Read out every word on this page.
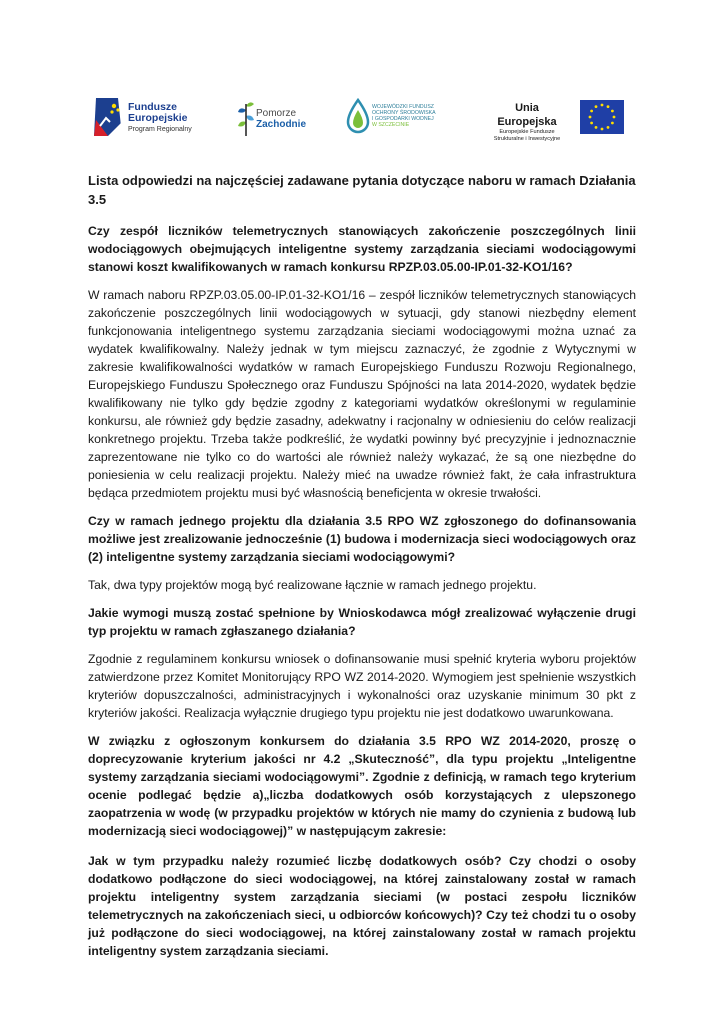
Fundusze
Europejskie
Program Regionalny
Pomorze
Zachodnie
WOJEWÓDZKI FUNDUSZ
OCHRONY ŚRODOWISKA
I GOSPODARKI WODNEJ
W SZCZECINIE
Unia Europejska
Europejskie Fundusze
Strukturalne i Inwestycyjne

Lista odpowiedzi na najczęściej zadawane pytania dotyczące naboru w ramach Działania 3.5

Czy zespół liczników telemetrycznych stanowiących zakończenie poszczególnych linii wodociągowych obejmujących inteligentne systemy zarządzania sieciami wodociągowymi stanowi koszt kwalifikowanych w ramach konkursu RPZP.03.05.00-IP.01-32-KO1/16?

W ramach naboru RPZP.03.05.00-IP.01-32-KO1/16 – zespół liczników telemetrycznych stanowiących zakończenie poszczególnych linii wodociągowych w sytuacji, gdy stanowi niezbędny element funkcjonowania inteligentnego systemu zarządzania sieciami wodociągowymi można uznać za wydatek kwalifikowalny. Należy jednak w tym miejscu zaznaczyć, że zgodnie z Wytycznymi w zakresie kwalifikowalności wydatków w ramach Europejskiego Funduszu Rozwoju Regionalnego, Europejskiego Funduszu Społecznego oraz Funduszu Spójności na lata 2014-2020, wydatek będzie kwalifikowany nie tylko gdy będzie zgodny z kategoriami wydatków określonymi w regulaminie konkursu, ale również gdy będzie zasadny, adekwatny i racjonalny w odniesieniu do celów realizacji konkretnego projektu. Trzeba także podkreślić, że wydatki powinny być precyzyjnie i jednoznacznie zaprezentowane nie tylko co do wartości ale również należy wykazać, że są one niezbędne do poniesienia w celu realizacji projektu. Należy mieć na uwadze również fakt, że cała infrastruktura będąca przedmiotem projektu musi być własnością beneficjenta w okresie trwałości.

Czy w ramach jednego projektu dla działania 3.5 RPO WZ zgłoszonego do dofinansowania możliwe jest zrealizowanie jednocześnie (1) budowa i modernizacja sieci wodociągowych oraz (2) inteligentne systemy zarządzania sieciami wodociągowymi?

Tak, dwa typy projektów mogą być realizowane łącznie w ramach jednego projektu.

Jakie wymogi muszą zostać spełnione by Wnioskodawca mógł zrealizować wyłączenie drugi typ projektu w ramach zgłaszanego działania?

Zgodnie z regulaminem konkursu wniosek o dofinansowanie musi spełnić kryteria wyboru projektów zatwierdzone przez Komitet Monitorujący RPO WZ 2014-2020. Wymogiem jest spełnienie wszystkich kryteriów dopuszczalności, administracyjnych i wykonalności oraz uzyskanie minimum 30 pkt z kryteriów jakości. Realizacja wyłącznie drugiego typu projektu nie jest dodatkowo uwarunkowana.

W związku z ogłoszonym konkursem do działania 3.5 RPO WZ 2014-2020, proszę o doprecyzowanie kryterium jakości nr 4.2 „Skuteczność”, dla typu projektu „Inteligentne systemy zarządzania sieciami wodociągowymi”. Zgodnie z definicją, w ramach tego kryterium ocenie podlegać będzie a)„liczba dodatkowych osób korzystających z ulepszonego zaopatrzenia w wodę (w przypadku projektów w których nie mamy do czynienia z budową lub modernizacją sieci wodociągowej)” w następującym zakresie:

Jak w tym przypadku należy rozumieć liczbę dodatkowych osób? Czy chodzi o osoby dodatkowo podłączone do sieci wodociągowej, na której zainstalowany został w ramach projektu inteligentny system zarządzania sieciami (w postaci zespołu liczników telemetrycznych na zakończeniach sieci, u odbiorców końcowych)? Czy też chodzi tu o osoby już podłączone do sieci wodociągowej, na której zainstalowany został w ramach projektu inteligentny system zarządzania sieciami.
